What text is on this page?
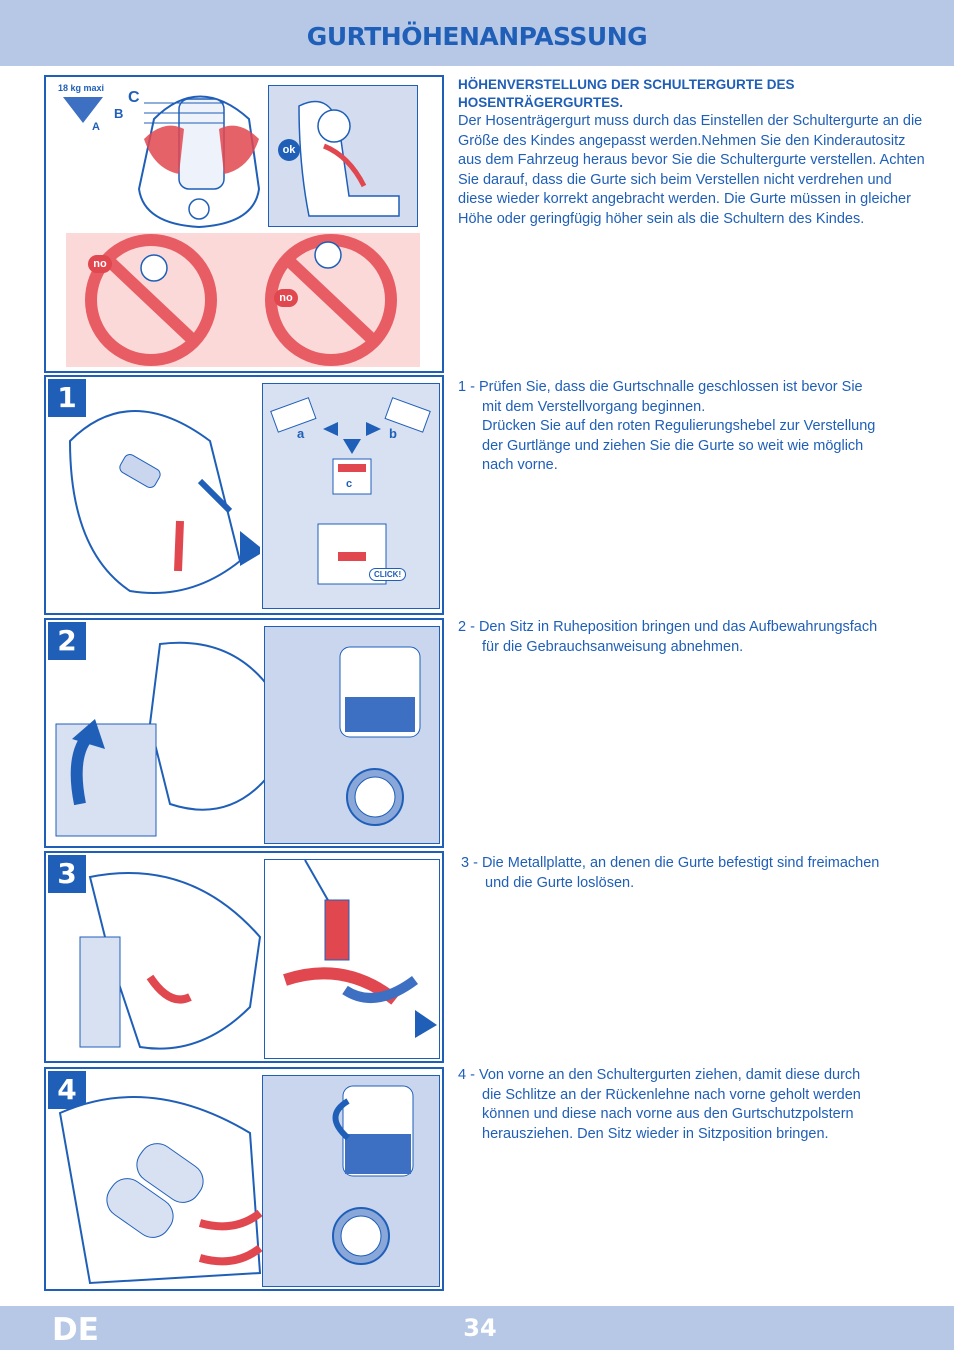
GURTHÖHENANPASSUNG
18 kg maxi
C
B
A
ok
no
no
HÖHENVERSTELLUNG DER SCHULTERGURTE DES HOSENTRÄGERGURTES.
Der Hosenträgergurt muss durch das Einstellen der Schultergurte an die Größe des Kindes angepasst werden.Nehmen Sie den Kinderautositz aus dem Fahrzeug heraus bevor Sie die Schultergurte verstellen. Achten Sie darauf, dass die Gurte sich beim Verstellen nicht verdrehen und diese wieder korrekt angebracht werden. Die Gurte müssen in gleicher Höhe oder geringfügig höher sein als die Schultern des Kindes.
1
a	b
c
CLICK!
1 - Prüfen Sie, dass die Gurtschnalle geschlossen ist bevor Sie
mit dem Verstellvorgang beginnen.
Drücken Sie auf den roten Regulierungshebel zur Verstellung
der Gurtlänge und ziehen Sie die Gurte so weit wie möglich
nach vorne.
2	2 - Den Sitz in Ruheposition bringen und das Aufbewahrungsfach
für die Gebrauchsanweisung abnehmen.
3	3 - Die Metallplatte, an denen die Gurte befestigt sind freimachen
und die Gurte loslösen.
4	4 - Von vorne an den Schultergurten ziehen, damit diese durch
die Schlitze an der Rückenlehne nach vorne geholt werden
können und diese nach vorne aus den Gurtschutzpolstern
herausziehen. Den Sitz wieder in Sitzposition bringen.
DE	34
